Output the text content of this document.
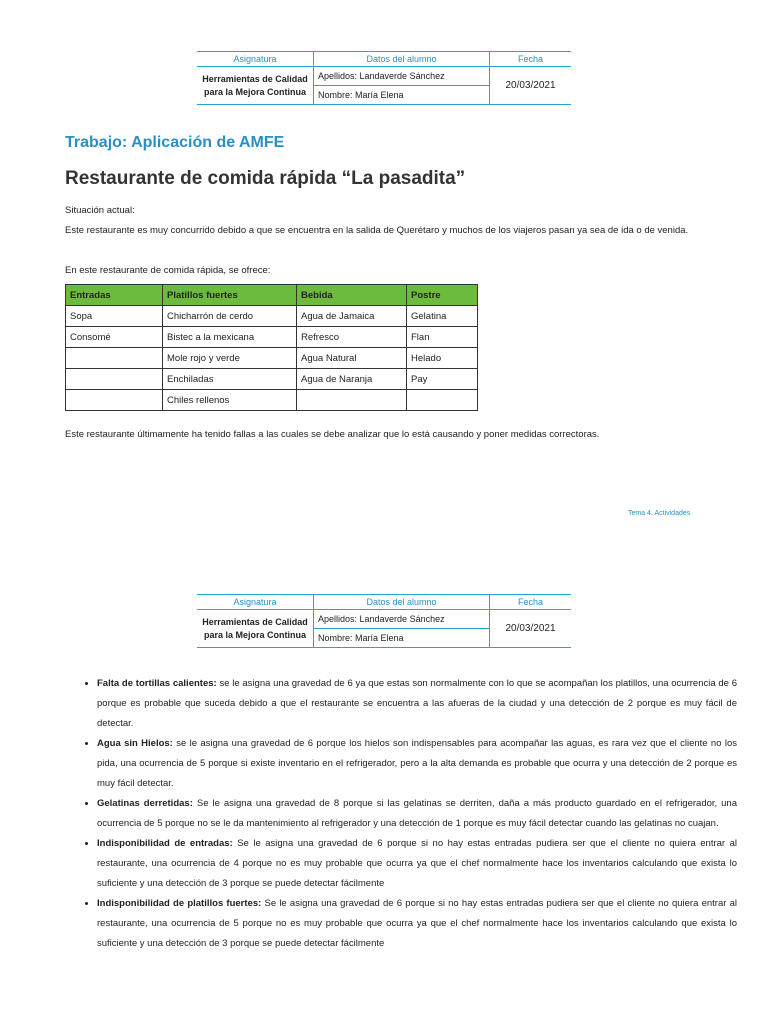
Asignatura	Datos del alumno	Fecha

Herramientas de Calidad
para la Mejora Continua	Apellidos: Landaverde Sánchez	20/03/2021
	Nombre: María Elena	
Trabajo: Aplicación de AMFE
Restaurante de comida rápida “La pasadita”

Situación actual:

Este restaurante es muy concurrido debido a que se encuentra en la salida de Querétaro y muchos de los viajeros pasan ya sea de ida o de venida.

En este restaurante de comida rápida, se ofrece:

Entradas	Platillos fuertes	Bebida	Postre
Sopa	Chicharrón de cerdo	Agua de Jamaica	Gelatina
Consomé	Bistec a la mexicana	Refresco	Flan
	Mole rojo y verde	Agua Natural	Helado
	Enchiladas	Agua de Naranja	Pay
	Chiles rellenos		

Este restaurante últimamente ha tenido fallas a las cuales se debe analizar que lo está causando y poner medidas correctoras.

Tema 4. Actividades
Asignatura	Datos del alumno	Fecha

Herramientas de Calidad
para la Mejora Continua	Apellidos: Landaverde Sánchez	20/03/2021
	Nombre: María Elena	
• Falta de tortillas calientes: se le asigna una gravedad de 6 ya que estas son normalmente con lo que se acompañan los platillos, una ocurrencia de 6 porque es probable que suceda debido a que el restaurante se encuentra a las afueras de la ciudad y una detección de 2 porque es muy fácil de detectar.
• Agua sin Hielos: se le asigna una gravedad de 6 porque los hielos son indispensables para acompañar las aguas, es rara vez que el cliente no los pida, una ocurrencia de 5 porque si existe inventario en el refrigerador, pero a la alta demanda es probable que ocurra y una detección de 2 porque es muy fácil detectar.
• Gelatinas derretidas: Se le asigna una gravedad de 8 porque si las gelatinas se derriten, daña a más producto guardado en el refrigerador, una ocurrencia de 5 porque no se le da mantenimiento al refrigerador y una detección de 1 porque es muy fácil detectar cuando las gelatinas no cuajan.
• Indisponibilidad de entradas: Se le asigna una gravedad de 6 porque si no hay estas entradas pudiera ser que el cliente no quiera entrar al restaurante, una ocurrencia de 4 porque no es muy probable que ocurra ya que el chef normalmente hace los inventarios calculando que exista lo suficiente y una detección de 3 porque se puede detectar fácilmente
• Indisponibilidad de platillos fuertes: Se le asigna una gravedad de 6 porque si no hay estas entradas pudiera ser que el cliente no quiera entrar al restaurante, una ocurrencia de 5 porque no es muy probable que ocurra ya que el chef normalmente hace los inventarios calculando que exista lo suficiente y una detección de 3 porque se puede detectar fácilmente
